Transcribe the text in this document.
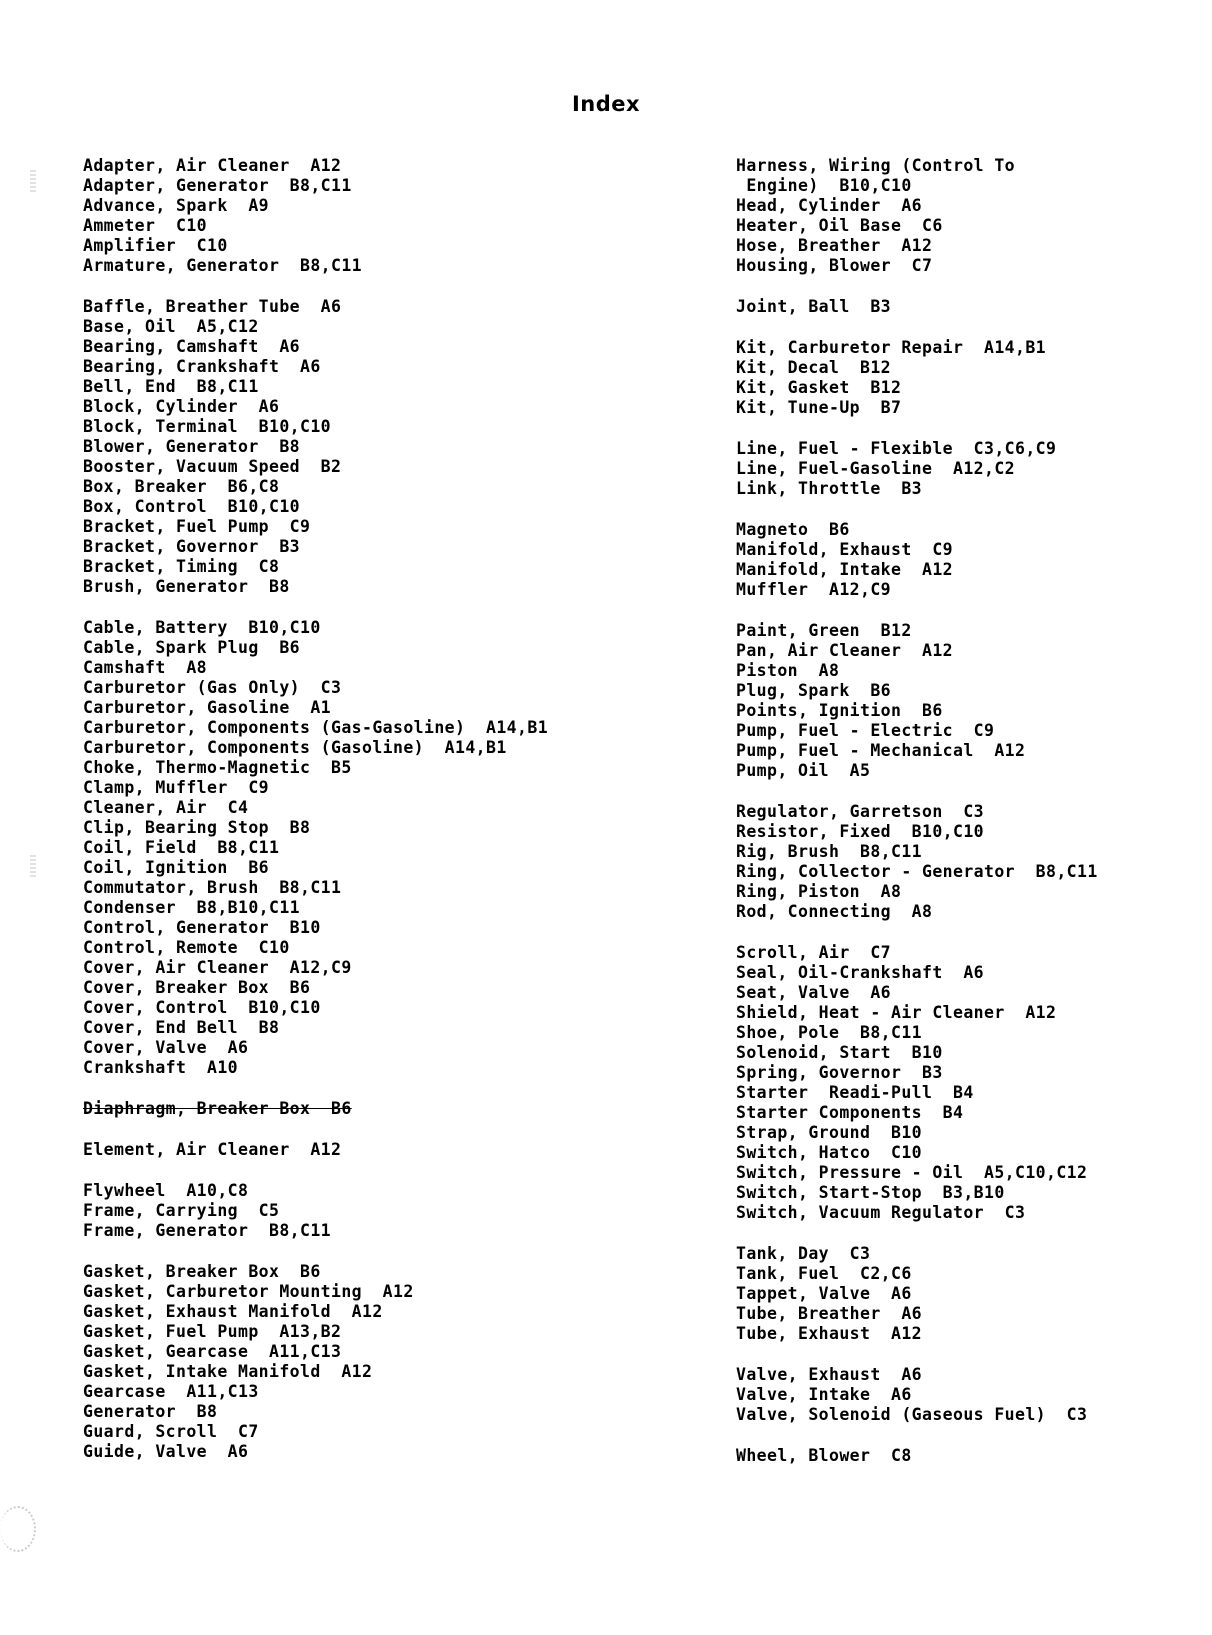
Index
Adapter, Air Cleaner  A12
Adapter, Generator  B8,C11
Advance, Spark  A9
Ammeter  C10
Amplifier  C10
Armature, Generator  B8,C11
Baffle, Breather Tube  A6
Base, Oil  A5,C12
Bearing, Camshaft  A6
Bearing, Crankshaft  A6
Bell, End  B8,C11
Block, Cylinder  A6
Block, Terminal  B10,C10
Blower, Generator  B8
Booster, Vacuum Speed  B2
Box, Breaker  B6,C8
Box, Control  B10,C10
Bracket, Fuel Pump  C9
Bracket, Governor  B3
Bracket, Timing  C8
Brush, Generator  B8
Cable, Battery  B10,C10
Cable, Spark Plug  B6
Camshaft  A8
Carburetor (Gas Only)  C3
Carburetor, Gasoline  A1
Carburetor, Components (Gas-Gasoline)  A14,B1
Carburetor, Components (Gasoline)  A14,B1
Choke, Thermo-Magnetic  B5
Clamp, Muffler  C9
Cleaner, Air  C4
Clip, Bearing Stop  B8
Coil, Field  B8,C11
Coil, Ignition  B6
Commutator, Brush  B8,C11
Condenser  B8,B10,C11
Control, Generator  B10
Control, Remote  C10
Cover, Air Cleaner  A12,C9
Cover, Breaker Box  B6
Cover, Control  B10,C10
Cover, End Bell  B8
Cover, Valve  A6
Crankshaft  A10
Diaphragm, Breaker Box  B6
Element, Air Cleaner  A12
Flywheel  A10,C8
Frame, Carrying  C5
Frame, Generator  B8,C11
Gasket, Breaker Box  B6
Gasket, Carburetor Mounting  A12
Gasket, Exhaust Manifold  A12
Gasket, Fuel Pump  A13,B2
Gasket, Gearcase  A11,C13
Gasket, Intake Manifold  A12
Gearcase  A11,C13
Generator  B8
Guard, Scroll  C7
Guide, Valve  A6
Harness, Wiring (Control To
Engine)  B10,C10
Head, Cylinder  A6
Heater, Oil Base  C6
Hose, Breather  A12
Housing, Blower  C7
Joint, Ball  B3
Kit, Carburetor Repair  A14,B1
Kit, Decal  B12
Kit, Gasket  B12
Kit, Tune-Up  B7
Line, Fuel - Flexible  C3,C6,C9
Line, Fuel-Gasoline  A12,C2
Link, Throttle  B3
Magneto  B6
Manifold, Exhaust  C9
Manifold, Intake  A12
Muffler  A12,C9
Paint, Green  B12
Pan, Air Cleaner  A12
Piston  A8
Plug, Spark  B6
Points, Ignition  B6
Pump, Fuel - Electric  C9
Pump, Fuel - Mechanical  A12
Pump, Oil  A5
Regulator, Garretson  C3
Resistor, Fixed  B10,C10
Rig, Brush  B8,C11
Ring, Collector - Generator  B8,C11
Ring, Piston  A8
Rod, Connecting  A8
Scroll, Air  C7
Seal, Oil-Crankshaft  A6
Seat, Valve  A6
Shield, Heat - Air Cleaner  A12
Shoe, Pole  B8,C11
Solenoid, Start  B10
Spring, Governor  B3
Starter  Readi-Pull  B4
Starter Components  B4
Strap, Ground  B10
Switch, Hatco  C10
Switch, Pressure - Oil  A5,C10,C12
Switch, Start-Stop  B3,B10
Switch, Vacuum Regulator  C3
Tank, Day  C3
Tank, Fuel  C2,C6
Tappet, Valve  A6
Tube, Breather  A6
Tube, Exhaust  A12
Valve, Exhaust  A6
Valve, Intake  A6
Valve, Solenoid (Gaseous Fuel)  C3
Wheel, Blower  C8
